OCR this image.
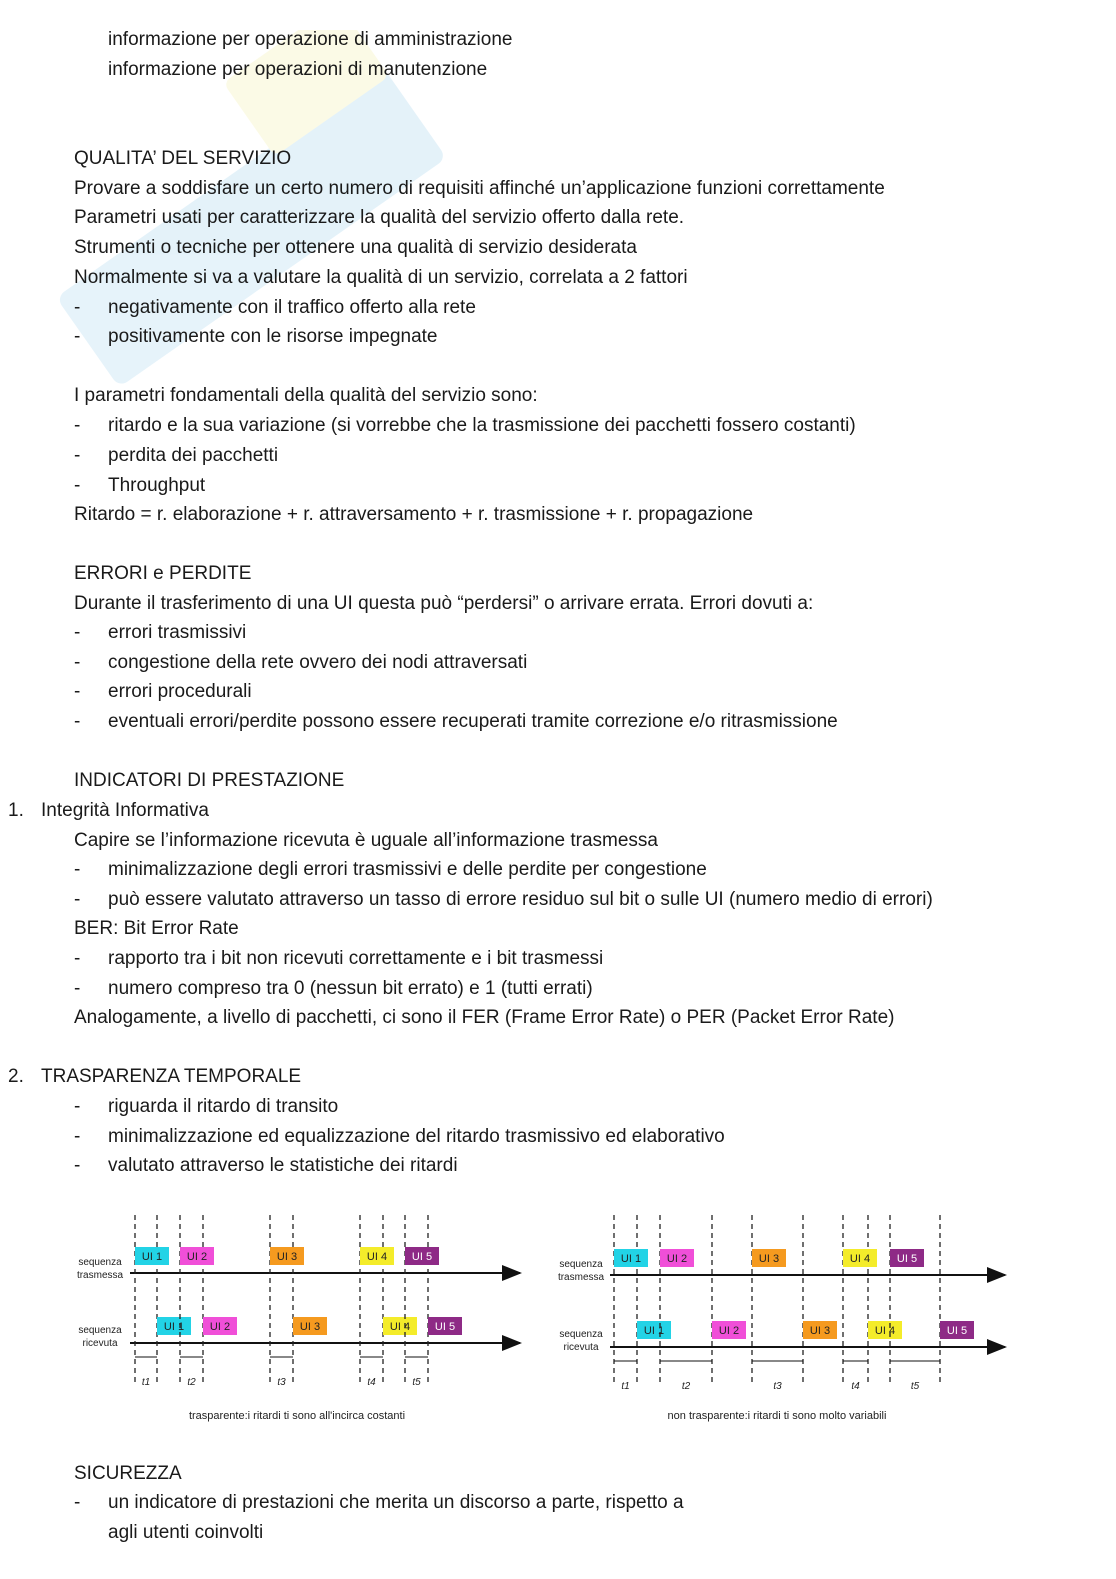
informazione per operazione di amministrazione
informazione per operazioni di manutenzione
QUALITA’ DEL SERVIZIO
Provare a soddisfare un certo numero di requisiti affinché un’applicazione funzioni correttamente
Parametri usati per caratterizzare la qualità del servizio offerto dalla rete.
Strumenti o tecniche per ottenere una qualità di servizio desiderata
Normalmente si va a valutare la qualità di un servizio, correlata a 2 fattori
- negativamente con il traffico offerto alla rete
- positivamente con le risorse impegnate
I parametri fondamentali della qualità del servizio sono:
- ritardo e la sua variazione (si vorrebbe che la trasmissione dei pacchetti fossero costanti)
- perdita dei pacchetti
- Throughput
Ritardo = r. elaborazione + r. attraversamento + r. trasmissione + r. propagazione
ERRORI e PERDITE
Durante il trasferimento di una UI questa può “perdersi” o arrivare errata. Errori dovuti a:
- errori trasmissivi
- congestione della rete ovvero dei nodi attraversati
- errori procedurali
- eventuali errori/perdite possono essere recuperati tramite correzione e/o ritrasmissione
INDICATORI DI PRESTAZIONE
1. Integrità Informativa
Capire se l’informazione ricevuta è uguale all’informazione trasmessa
- minimalizzazione degli errori trasmissivi e delle perdite per congestione
- può essere valutato attraverso un tasso di errore residuo sul bit o sulle UI (numero medio di errori)
BER: Bit Error Rate
- rapporto tra i bit non ricevuti correttamente e i bit trasmessi
- numero compreso tra 0 (nessun bit errato) e 1 (tutti errati)
Analogamente, a livello di pacchetti, ci sono il FER (Frame Error Rate) o PER (Packet Error Rate)
2. TRASPARENZA TEMPORALE
- riguarda il ritardo di transito
- minimalizzazione ed equalizzazione del ritardo trasmissivo ed elaborativo
- valutato attraverso le statistiche dei ritardi
sequenza
trasmessa
sequenza
ricevuta
UI 1
UI 1
t1
UI 2
UI 2
t2
UI 3
UI 3
t3
UI 4
UI 4
t4
UI 5
UI 5
t5
trasparente:i ritardi ti sono all'incirca costanti
sequenza
trasmessa
sequenza
ricevuta
UI 1
UI 1
t1
UI 2
UI 2
t2
UI 3
UI 3
t3
UI 4
UI 4
t4
UI 5
UI 5
t5
non trasparente:i ritardi ti sono molto variabili
SICUREZZA
- un indicatore di prestazioni che merita un discorso a parte, rispetto a
agli utenti coinvolti
